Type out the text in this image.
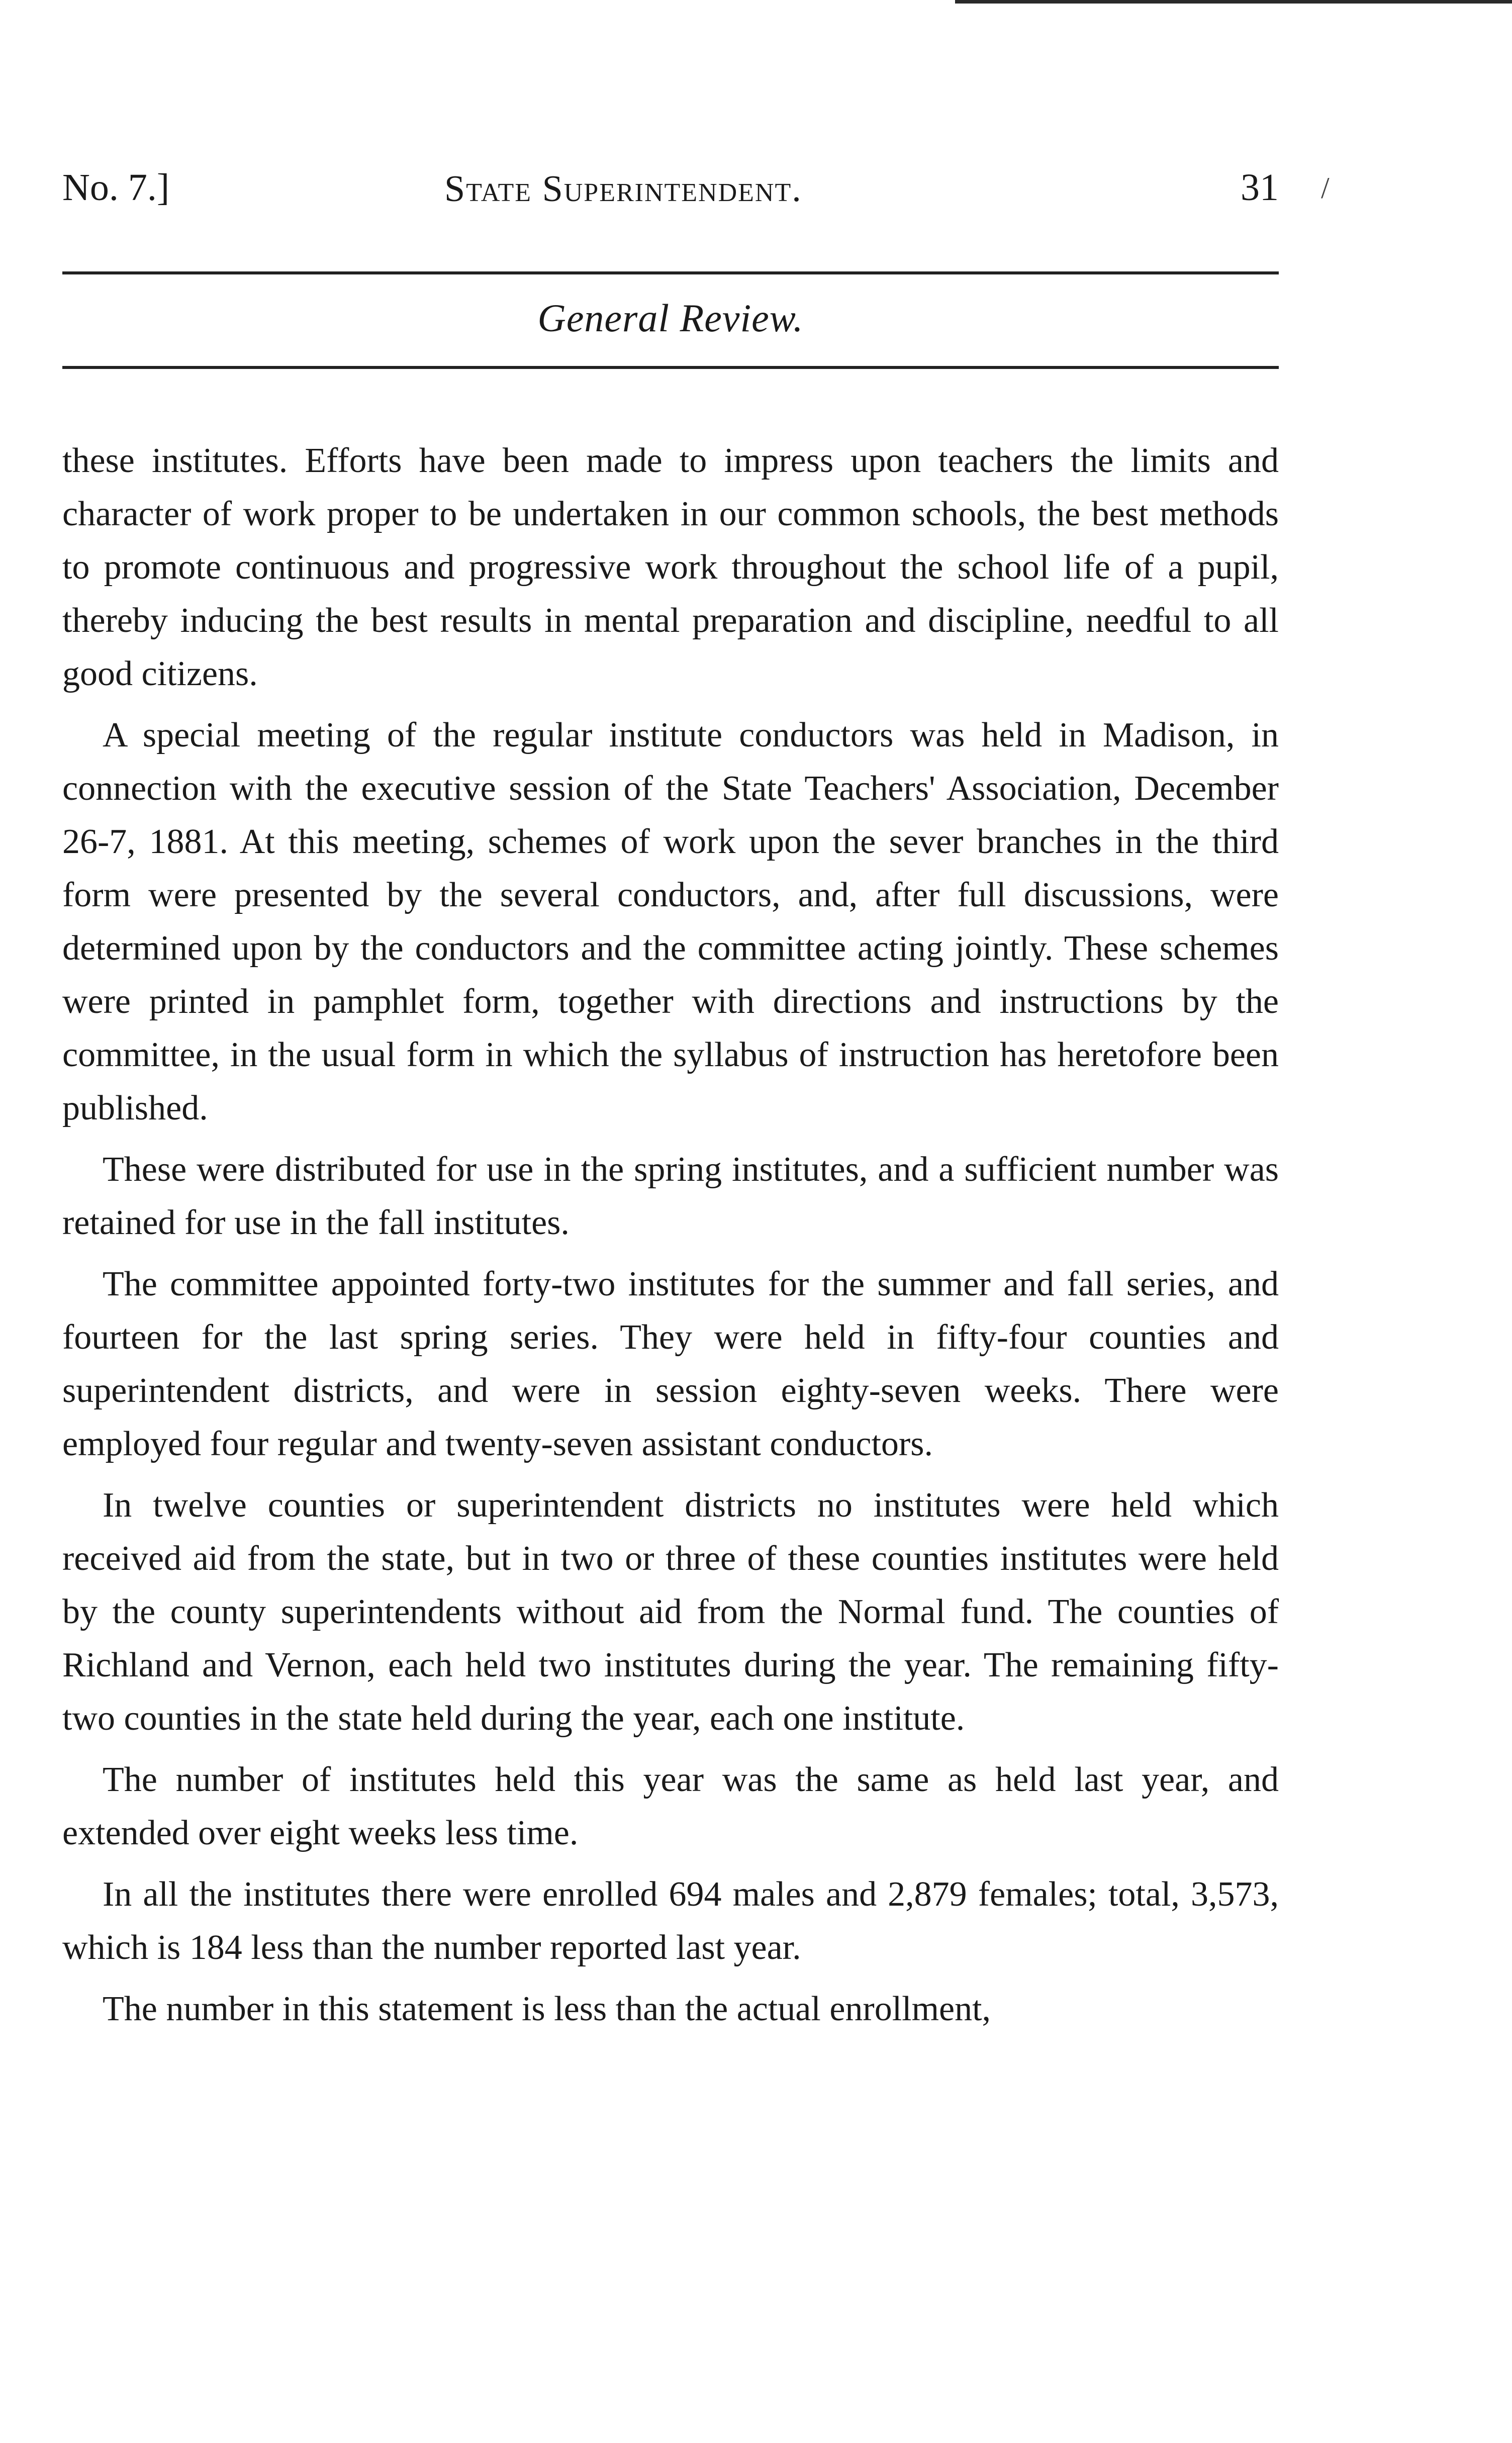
No. 7.]	State Superintendent.	31 /
General Review.

these institutes. Efforts have been made to impress upon teachers the limits and character of work proper to be undertaken in our common schools, the best methods to promote continuous and progressive work throughout the school life of a pupil, thereby inducing the best results in mental preparation and discipline, needful to all good citizens.

A special meeting of the regular institute conductors was held in Madison, in connection with the executive session of the State Teachers' Association, December 26-7, 1881. At this meeting, schemes of work upon the sever branches in the third form were presented by the several conductors, and, after full discussions, were determined upon by the conductors and the committee acting jointly. These schemes were printed in pamphlet form, together with directions and instructions by the committee, in the usual form in which the syllabus of instruction has heretofore been published.

These were distributed for use in the spring institutes, and a sufficient number was retained for use in the fall institutes.

The committee appointed forty-two institutes for the summer and fall series, and fourteen for the last spring series. They were held in fifty-four counties and superintendent districts, and were in session eighty-seven weeks. There were employed four regular and twenty-seven assistant conductors.

In twelve counties or superintendent districts no institutes were held which received aid from the state, but in two or three of these counties institutes were held by the county superintendents without aid from the Normal fund. The counties of Richland and Vernon, each held two institutes during the year. The remaining fifty-two counties in the state held during the year, each one institute.

The number of institutes held this year was the same as held last year, and extended over eight weeks less time.

In all the institutes there were enrolled 694 males and 2,879 females; total, 3,573, which is 184 less than the number reported last year.

The number in this statement is less than the actual enrollment,
